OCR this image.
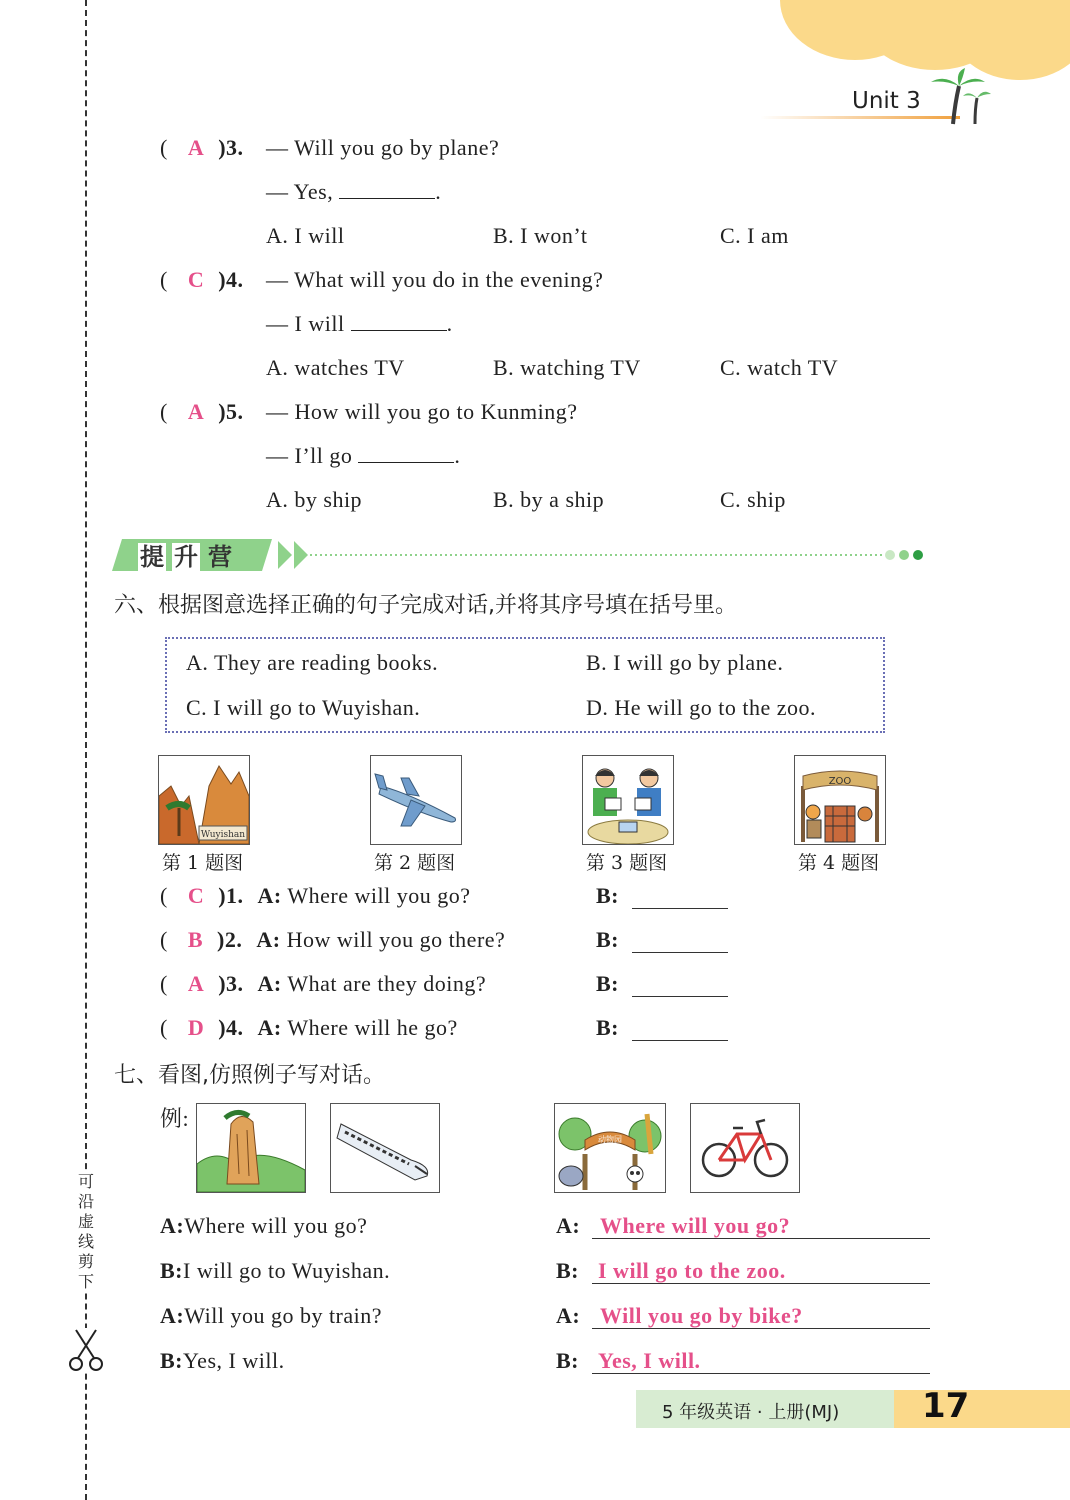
可
沿
虚
线
剪
下
Unit 3
( A )3. — Will you go by plane?
— Yes,	.
A. I will	B. I won’t	C. I am
( C )4. — What will you do in the evening?
— I will	.
A. watches TV	B. watching TV	C. watch TV
( A )5. — How will you go to Kunming?
— I’ll go	.
A. by ship	B. by a ship	C. ship
提 升 营
六、根据图意选择正确的句子完成对话,并将其序号填在括号里。
A. They are reading books.	B. I will go by plane.
C. I will go to Wuyishan.	D. He will go to the zoo.
Wuyishan
ZOO
第 1 题图	第 2 题图	第 3 题图	第 4 题图
( C )1. A: Where will you go?	B:
( B )2. A: How will you go there?	B:
( A )3. A: What are they doing?	B:
( D )4. A: Where will he go?	B:
七、看图,仿照例子写对话。
例:
动物园
A:Where will you go?
B:I will go to Wuyishan.
A:Will you go by train?
B:Yes, I will.
A: Where will you go?
B: I will go to the zoo.
A: Will you go by bike?
B: Yes, I will.
5 年级英语 · 上册(MJ) 17
